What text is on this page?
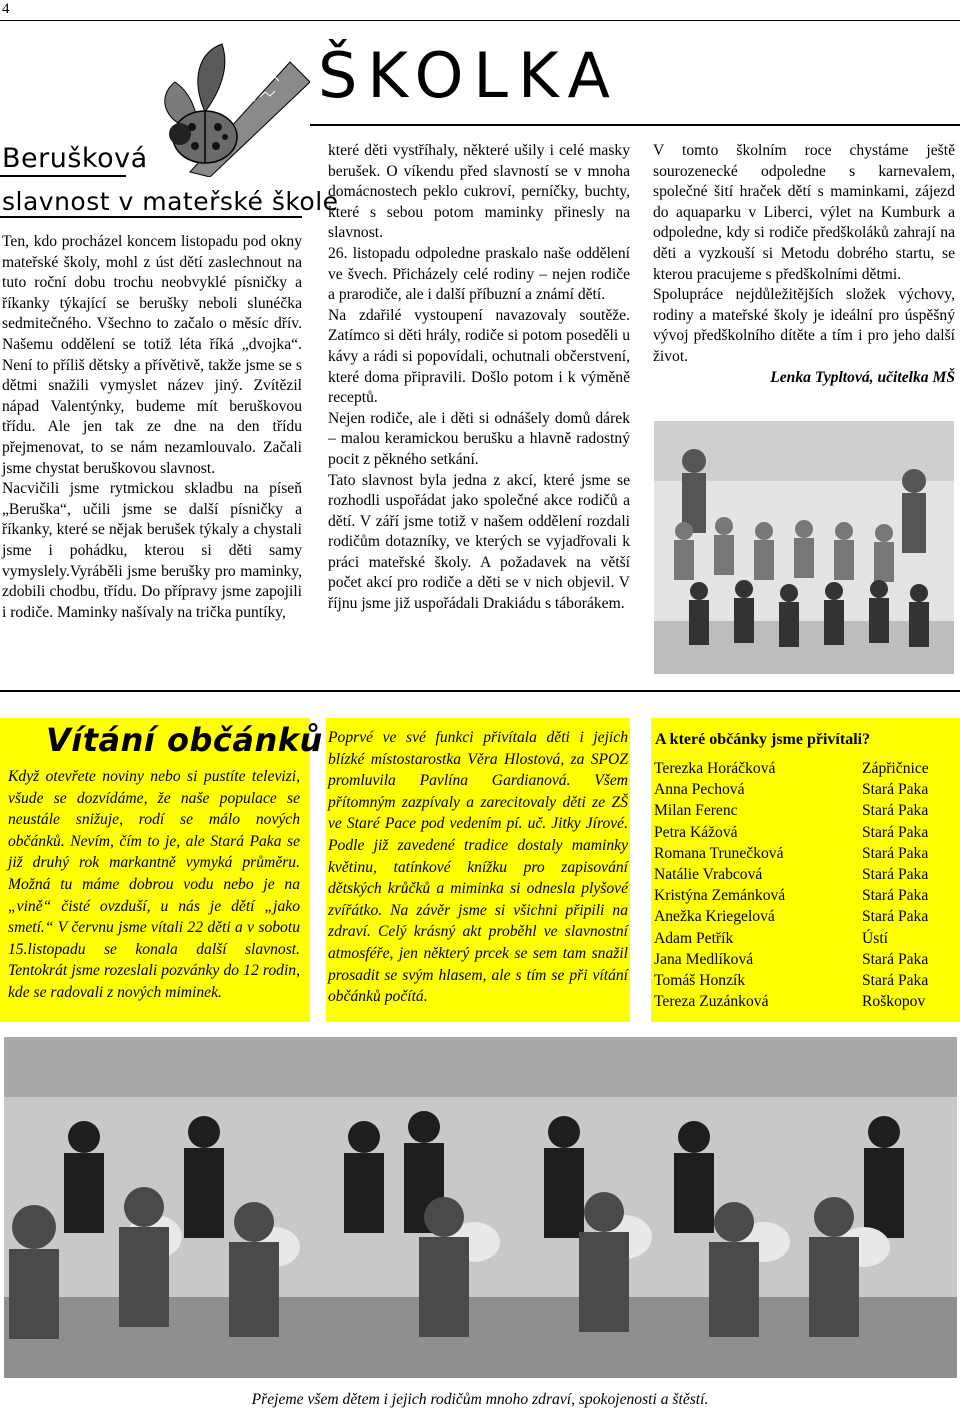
4
ŠKOLKA
Berušková
slavnost v mateřské škole

Ten, kdo procházel koncem listopadu pod okny mateřské školy, mohl z úst dětí zaslechnout na tuto roční dobu trochu neobvyklé písničky a říkanky týkající se berušky neboli slunéčka sedmitečného. Všechno to začalo o měsíc dřív. Našemu oddělení se totiž léta říká „dvojka“. Není to příliš dětsky a přívětivě, takže jsme se s dětmi snažili vymyslet název jiný. Zvítězil nápad Valentýnky, budeme mít beruškovou třídu. Ale jen tak ze dne na den třídu přejmenovat, to se nám nezamlouvalo. Začali jsme chystat beruškovou slavnost.

Nacvičili jsme rytmickou skladbu na píseň „Beruška“, učili jsme se další písničky a říkanky, které se nějak berušek týkaly a chystali jsme i pohádku, kterou si děti samy vymyslely.Vyráběli jsme berušky pro maminky, zdobili chodbu, třídu. Do přípravy jsme zapojili i rodiče. Maminky našívaly na trička puntíky,

které děti vystříhaly, některé ušily i celé masky berušek. O víkendu před slavností se v mnoha domácnostech peklo cukroví, perníčky, buchty, které s sebou potom maminky přinesly na slavnost.

26. listopadu odpoledne praskalo naše oddělení ve švech. Přicházely celé rodiny – nejen rodiče a prarodiče, ale i další příbuzní a známí dětí.

Na zdařilé vystoupení navazovaly soutěže. Zatímco si děti hrály, rodiče si potom poseděli u kávy a rádi si popovídali, ochutnali občerstvení, které doma připravili. Došlo potom i k výměně receptů.

Nejen rodiče, ale i děti si odnášely domů dárek – malou keramickou berušku a hlavně radostný pocit z pěkného setkání.

Tato slavnost byla jedna z akcí, které jsme se rozhodli uspořádat jako společné akce rodičů a dětí. V září jsme totiž v našem oddělení rozdali rodičům dotazníky, ve kterých se vyjadřovali k práci mateřské školy. A požadavek na větší počet akcí pro rodiče a děti se v nich objevil. V říjnu jsme již uspořádali Drakiádu s táborákem.

V tomto školním roce chystáme ještě sourozenecké odpoledne s karnevalem, společné šití hraček dětí s maminkami, zájezd do aquaparku v Liberci, výlet na Kumburk a odpoledne, kdy si rodiče předškoláků zahrají na děti a vyzkouší si Metodu dobrého startu, se kterou pracujeme s předškolními dětmi.

Spolupráce nejdůležitějších složek výchovy, rodiny a mateřské školy je ideální pro úspěšný vývoj předškolního dítěte a tím i pro jeho další život.

Lenka Typltová, učitelka MŠ

Vítání občánků
Když otevřete noviny nebo si pustíte televizi, všude se dozvídáme, že naše populace se neustále snižuje, rodí se málo nových občánků. Nevím, čím to je, ale Stará Paka se již druhý rok markantně vymyká průměru. Možná tu máme dobrou vodu nebo je na „vině“ čisté ovzduší, u nás je dětí „jako smetí.“ V červnu jsme vítali 22 děti a v sobotu 15.listopadu se konala další slavnost. Tentokrát jsme rozeslali pozvánky do 12 rodin, kde se radovali z nových miminek.
Poprvé ve své funkci přivítala děti i jejich blízké místostarostka Věra Hlostová, za SPOZ promluvila Pavlína Gardianová. Všem přítomným zazpívaly a zarecitovaly děti ze ZŠ ve Staré Pace pod vedením pí. uč. Jitky Jírové. Podle již zavedené tradice dostaly maminky květinu, tatínkové knížku pro zapisování dětských krůčků a miminka si odnesla plyšové zvířátko. Na závěr jsme si všichni připili na zdraví. Celý krásný akt proběhl ve slavnostní atmosféře, jen některý prcek se sem tam snažil prosadit se svým hlasem, ale s tím se při vítání občánků počítá.
A které občánky jsme přivítali?
Terezka Horáčková	Zápřičnice
Anna Pechová	Stará Paka
Milan Ferenc	Stará Paka
Petra Kážová	Stará Paka
Romana Trunečková	Stará Paka
Natálie Vrabcová	Stará Paka
Kristýna Zemánková	Stará Paka
Anežka Kriegelová	Stará Paka
Adam Petřík	Ústí
Jana Medlíková	Stará Paka
Tomáš Honzík	Stará Paka
Tereza Zuzánková	Roškopov
Přejeme všem dětem i jejich rodičům mnoho zdraví, spokojenosti a štěstí.
